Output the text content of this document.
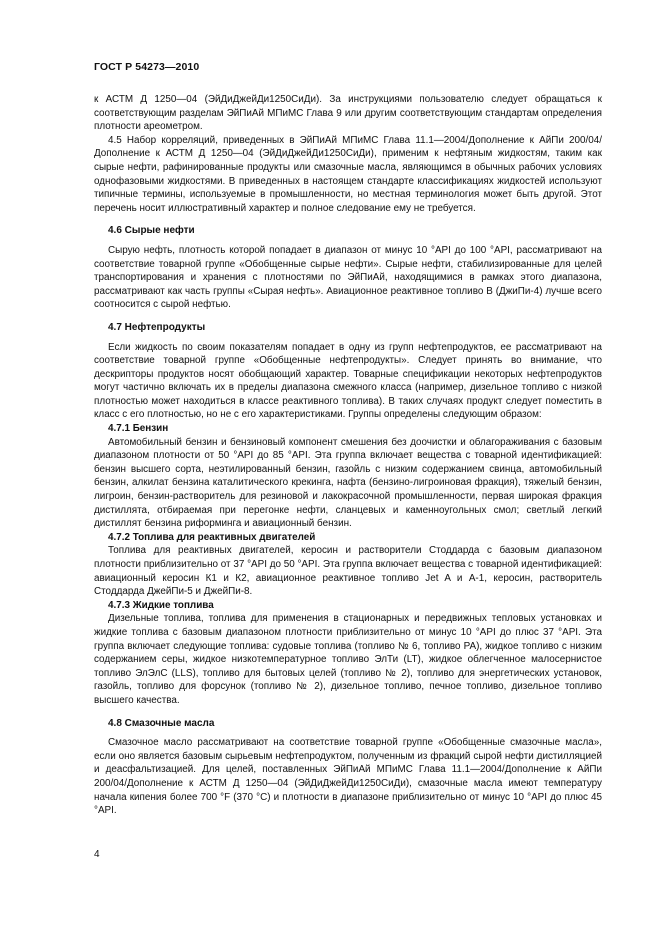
ГОСТ Р 54273—2010

к АСТМ Д 1250—04 (ЭйДиДжейДи1250СиДи). За инструкциями пользователю следует обращаться к соответствующим разделам ЭйПиАй МПиМС Глава 9 или другим соответствующим стандартам определения плотности ареометром.

4.5 Набор корреляций, приведенных в ЭйПиАй МПиМС Глава 11.1—2004/Дополнение к АйПи 200/04/Дополнение к АСТМ Д 1250—04 (ЭйДиДжейДи1250СиДи), применим к нефтяным жидкостям, таким как сырые нефти, рафинированные продукты или смазочные масла, являющимся в обычных рабочих условиях однофазовыми жидкостями. В приведенных в настоящем стандарте классификациях жидкостей используют типичные термины, используемые в промышленности, но местная терминология может быть другой. Этот перечень носит иллюстративный характер и полное следование ему не требуется.

4.6 Сырые нефти

Сырую нефть, плотность которой попадает в диапазон от минус 10 °API до 100 °API, рассматривают на соответствие товарной группе «Обобщенные сырые нефти». Сырые нефти, стабилизированные для целей транспортирования и хранения с плотностями по ЭйПиАй, находящимися в рамках этого диапазона, рассматривают как часть группы «Сырая нефть». Авиационное реактивное топливо В (ДжиПи-4) лучше всего соотносится с сырой нефтью.

4.7 Нефтепродукты

Если жидкость по своим показателям попадает в одну из групп нефтепродуктов, ее рассматривают на соответствие товарной группе «Обобщенные нефтепродукты». Следует принять во внимание, что дескрипторы продуктов носят обобщающий характер. Товарные спецификации некоторых нефтепродуктов могут частично включать их в пределы диапазона смежного класса (например, дизельное топливо с низкой плотностью может находиться в классе реактивного топлива). В таких случаях продукт следует поместить в класс с его плотностью, но не с его характеристиками. Группы определены следующим образом:

4.7.1 Бензин

Автомобильный бензин и бензиновый компонент смешения без доочистки и облагораживания с базовым диапазоном плотности от 50 °API до 85 °API. Эта группа включает вещества с товарной идентификацией: бензин высшего сорта, неэтилированный бензин, газойль с низким содержанием свинца, автомобильный бензин, алкилат бензина каталитического крекинга, нафта (бензино-лигроиновая фракция), тяжелый бензин, лигроин, бензин-растворитель для резиновой и лакокрасочной промышленности, первая широкая фракция дистиллята, отбираемая при перегонке нефти, сланцевых и каменноугольных смол; светлый легкий дистиллят бензина риформинга и авиационный бензин.

4.7.2 Топлива для реактивных двигателей

Топлива для реактивных двигателей, керосин и растворители Стоддарда с базовым диапазоном плотности приблизительно от 37 °API до 50 °API. Эта группа включает вещества с товарной идентификацией: авиационный керосин К1 и К2, авиационное реактивное топливо Jet A и A-1, керосин, растворитель Стоддарда ДжейПи-5 и ДжейПи-8.

4.7.3 Жидкие топлива

Дизельные топлива, топлива для применения в стационарных и передвижных тепловых установках и жидкие топлива с базовым диапазоном плотности приблизительно от минус 10 °API до плюс 37 °API. Эта группа включает следующие топлива: судовые топлива (топливо № 6, топливо РА), жидкое топливо с низким содержанием серы, жидкое низкотемпературное топливо ЭлТи (LT), жидкое облегченное малосернистое топливо ЭлЭлС (LLS), топливо для бытовых целей (топливо № 2), топливо для энергетических установок, газойль, топливо для форсунок (топливо № 2), дизельное топливо, печное топливо, дизельное топливо высшего качества.

4.8 Смазочные масла

Смазочное масло рассматривают на соответствие товарной группе «Обобщенные смазочные масла», если оно является базовым сырьевым нефтепродуктом, полученным из фракций сырой нефти дистилляцией и деасфальтизацией. Для целей, поставленных ЭйПиАй МПиМС Глава 11.1—2004/Дополнение к АйПи 200/04/Дополнение к АСТМ Д 1250—04 (ЭйДиДжейДи1250СиДи), смазочные масла имеют температуру начала кипения более 700 °F (370 °C) и плотности в диапазоне приблизительно от минус 10 °API до плюс 45 °API.

4
